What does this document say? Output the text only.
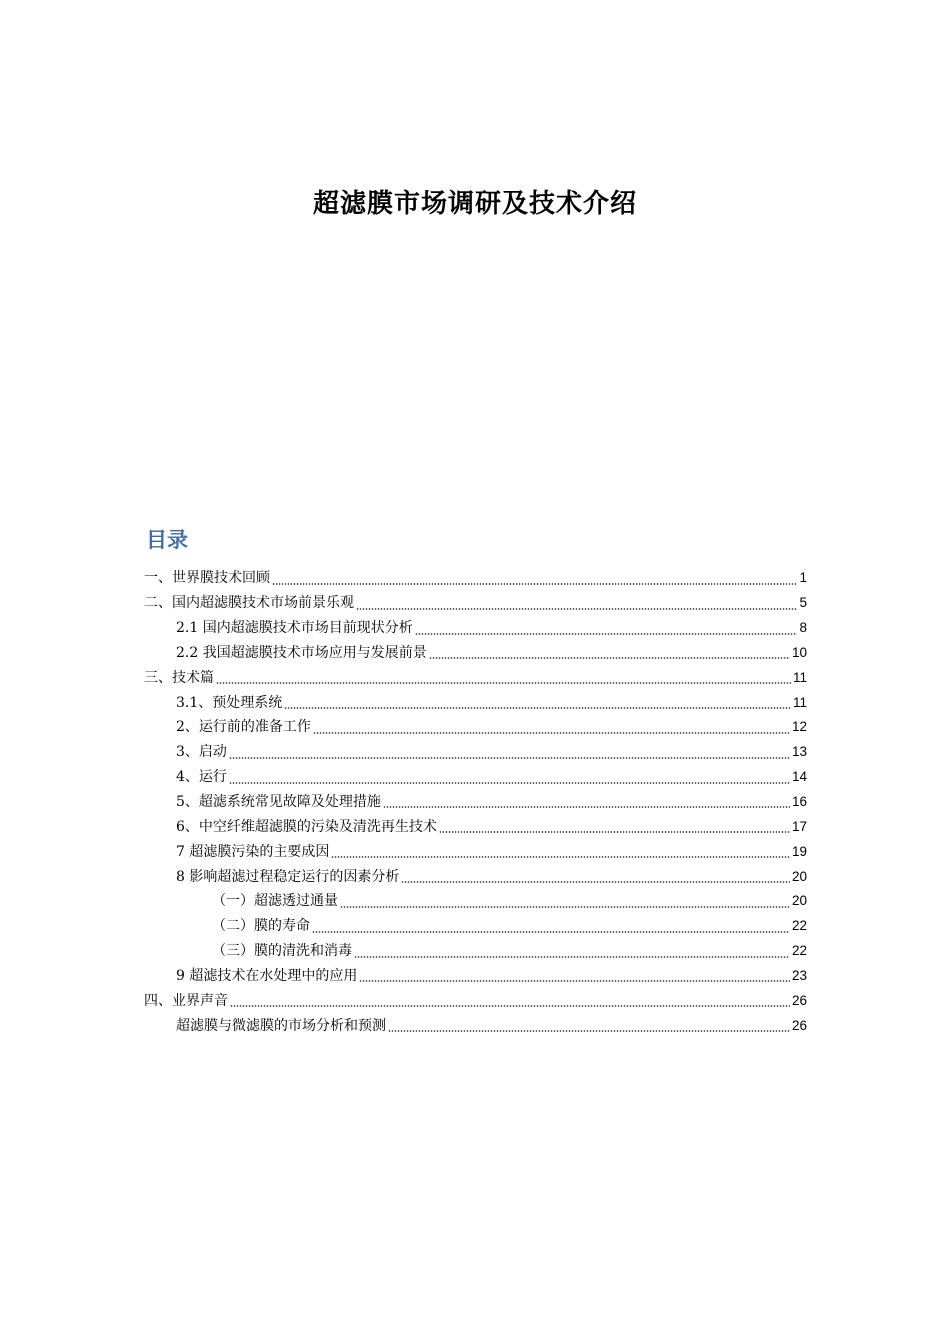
超滤膜市场调研及技术介绍
目录
一、世界膜技术回顾	1
二、国内超滤膜技术市场前景乐观	5
2.1 国内超滤膜技术市场目前现状分析	8
2.2 我国超滤膜技术市场应用与发展前景	10
三、技术篇	11
3.1、预处理系统	11
2、运行前的准备工作	12
3、启动	13
4、运行	14
5、超滤系统常见故障及处理措施	16
6、中空纤维超滤膜的污染及清洗再生技术	17
7 超滤膜污染的主要成因	19
8 影响超滤过程稳定运行的因素分析	20
（一）超滤透过通量	20
（二）膜的寿命	22
（三）膜的清洗和消毒	22
9 超滤技术在水处理中的应用	23
四、业界声音	26
超滤膜与微滤膜的市场分析和预测	26
